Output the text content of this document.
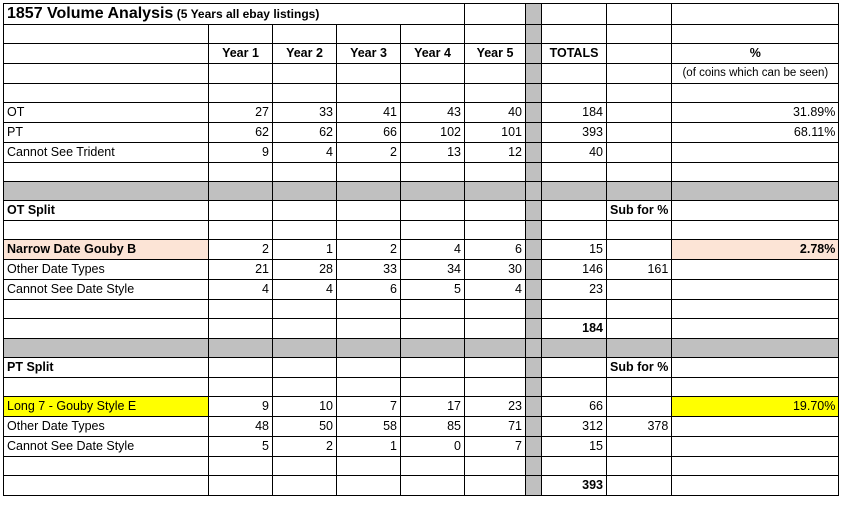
1857 Volume Analysis (5 Years all ebay listings)									

	Year 1	Year 2	Year 3	Year 4	Year 5		TOTALS		%
									(of coins which can be seen)

OT	27	33	41	43	40		184		31.89%
PT	62	62	66	102	101		393		68.11%
Cannot See Trident	9	4	2	13	12		40		

OT Split								Sub for %	

Narrow Date Gouby B	2	1	2	4	6		15		2.78%
Other Date Types	21	28	33	34	30		146	161	
Cannot See Date Style	4	4	6	5	4		23		

							184		

PT Split								Sub for %	

Long 7 - Gouby Style E	9	10	7	17	23		66		19.70%
Other Date Types	48	50	58	85	71		312	378	
Cannot See Date Style	5	2	1	0	7		15		

							393		
